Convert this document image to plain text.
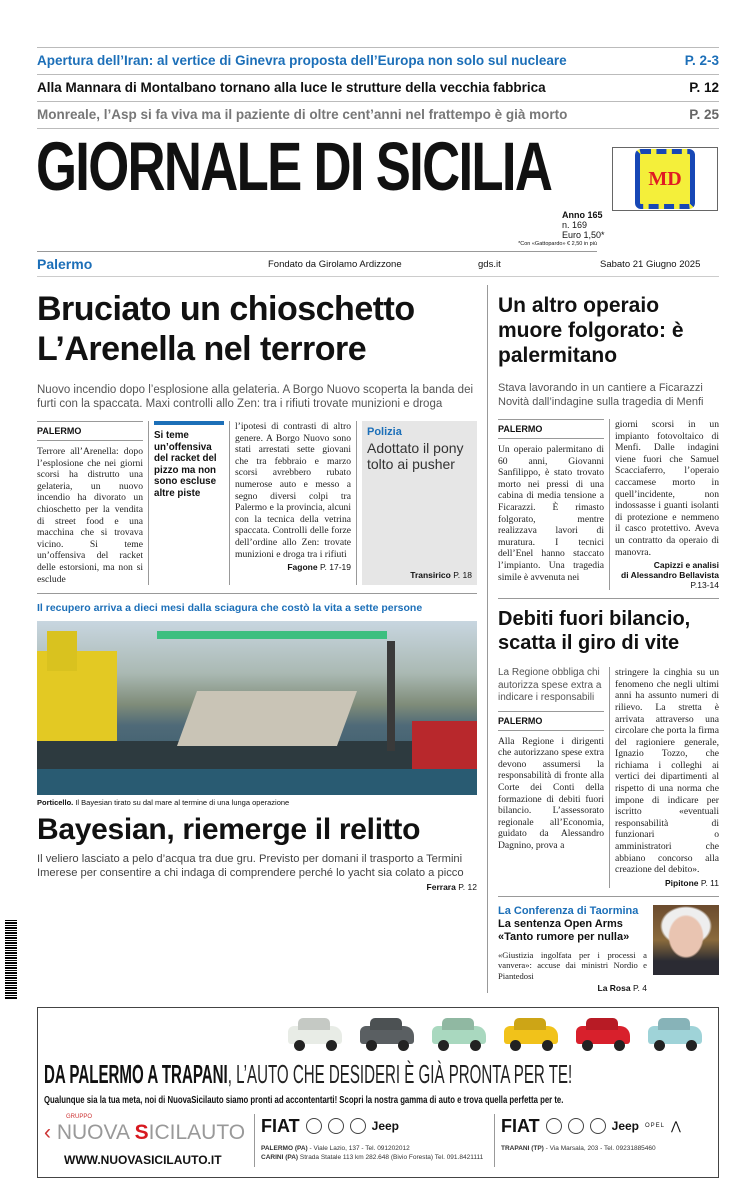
Apertura dell’Iran: al vertice di Ginevra proposta dell’Europa non solo sul nucleare	P. 2-3
Alla Mannara di Montalbano tornano alla luce le strutture della vecchia fabbrica	P. 12
Monreale, l’Asp si fa viva ma il paziente di oltre cent’anni nel frattempo è già morto	P. 25
GIORNALE DI SICILIA
Anno 165
n. 169
Euro 1,50*
*Con «Gattopardo» € 2,50 in più
MD
Palermo	Fondato da Girolamo Ardizzone	gds.it	Sabato 21 Giugno 2025
Bruciato un chioschetto
L’Arenella nel terrore
Nuovo incendio dopo l’esplosione alla gelateria. A Borgo Nuovo scoperta la banda dei furti con la spaccata. Maxi controlli allo Zen: tra i rifiuti trovate munizioni e droga
PALERMO
Terrore all’Arenella: dopo l’esplosione che nei giorni scorsi ha distrutto una gelateria, un nuovo incendio ha divorato un chioschetto per la vendita di street food e una macchina che si trovava vicino. Si teme un’offensiva del racket delle estorsioni, ma non si esclude
Si teme un’offensiva del racket del pizzo ma non sono escluse altre piste
l’ipotesi di contrasti di altro genere. A Borgo Nuovo sono stati arrestati sette giovani che tra febbraio e marzo scorsi avrebbero rubato numerose auto e messo a segno diversi colpi tra Palermo e la provincia, alcuni con la tecnica della vetrina spaccata. Controlli delle forze dell’ordine allo Zen: trovate munizioni e droga tra i rifiuti
Fagone P. 17-19
Polizia
Adottato il pony tolto ai pusher
Transirico P. 18
Il recupero arriva a dieci mesi dalla sciagura che costò la vita a sette persone
Porticello. Il Bayesian tirato su dal mare al termine di una lunga operazione
Bayesian, riemerge il relitto
Il veliero lasciato a pelo d’acqua tra due gru. Previsto per domani il trasporto a Termini Imerese per consentire a chi indaga di comprendere perché lo yacht sia colato a picco
Ferrara P. 12
Un altro operaio muore folgorato: è palermitano
Stava lavorando in un cantiere a Ficarazzi Novità dall’indagine sulla tragedia di Menfi
PALERMO
Un operaio palermitano di 60 anni, Giovanni Sanfilippo, è stato trovato morto nei pressi di una cabina di media tensione a Ficarazzi. È rimasto folgorato, mentre realizzava lavori di muratura. I tecnici dell’Enel hanno staccato l’impianto. Una tragedia simile è avvenuta nei
giorni scorsi in un impianto fotovoltaico di Menfi. Dalle indagini viene fuori che Samuel Scacciaferro, l’operaio caccamese morto in quell’incidente, non indossasse i guanti isolanti di protezione e nemmeno il casco protettivo. Aveva un contratto da operaio di manovra.
Capizzi e analisi
di Alessandro Bellavista
P.13-14
Debiti fuori bilancio, scatta il giro di vite
La Regione obbliga chi autorizza spese extra a indicare i responsabili
PALERMO
Alla Regione i dirigenti che autorizzano spese extra devono assumersi la responsabilità di fronte alla Corte dei Conti della formazione di debiti fuori bilancio. L’assessorato regionale all’Economia, guidato da Alessandro Dagnino, prova a
stringere la cinghia su un fenomeno che negli ultimi anni ha assunto numeri di rilievo. La stretta è arrivata attraverso una circolare che porta la firma del ragioniere generale, Ignazio Tozzo, che richiama i colleghi ai vertici dei dipartimenti al rispetto di una norma che impone di indicare per iscritto «eventuali responsabilità di funzionari o amministratori che abbiano concorso alla creazione del debito».
Pipitone P. 11
La Conferenza di Taormina
La sentenza Open Arms
«Tanto rumore per nulla»
«Giustizia ingolfata per i processi a vanvera»: accuse dai ministri Nordio e Piantedosi
La Rosa P. 4
DA PALERMO A TRAPANI, L’AUTO CHE DESIDERI È GIÀ PRONTA PER TE!
Qualunque sia la tua meta, noi di NuovaSicilauto siamo pronti ad accontentarti! Scopri la nostra gamma di auto e trova quella perfetta per te.
GRUPPO
‹ NUOVA SICILAUTO
WWW.NUOVASICILAUTO.IT
FIAT	Jeep
PALERMO (PA) - Viale Lazio, 137 - Tel. 091202012
CARINI (PA) Strada Statale 113 km 282.648 (Bivio Foresta) Tel. 091.8421111
FIAT	Jeep OPEL ⋀
TRAPANI (TP) - Via Marsala, 203 - Tel. 09231885460
